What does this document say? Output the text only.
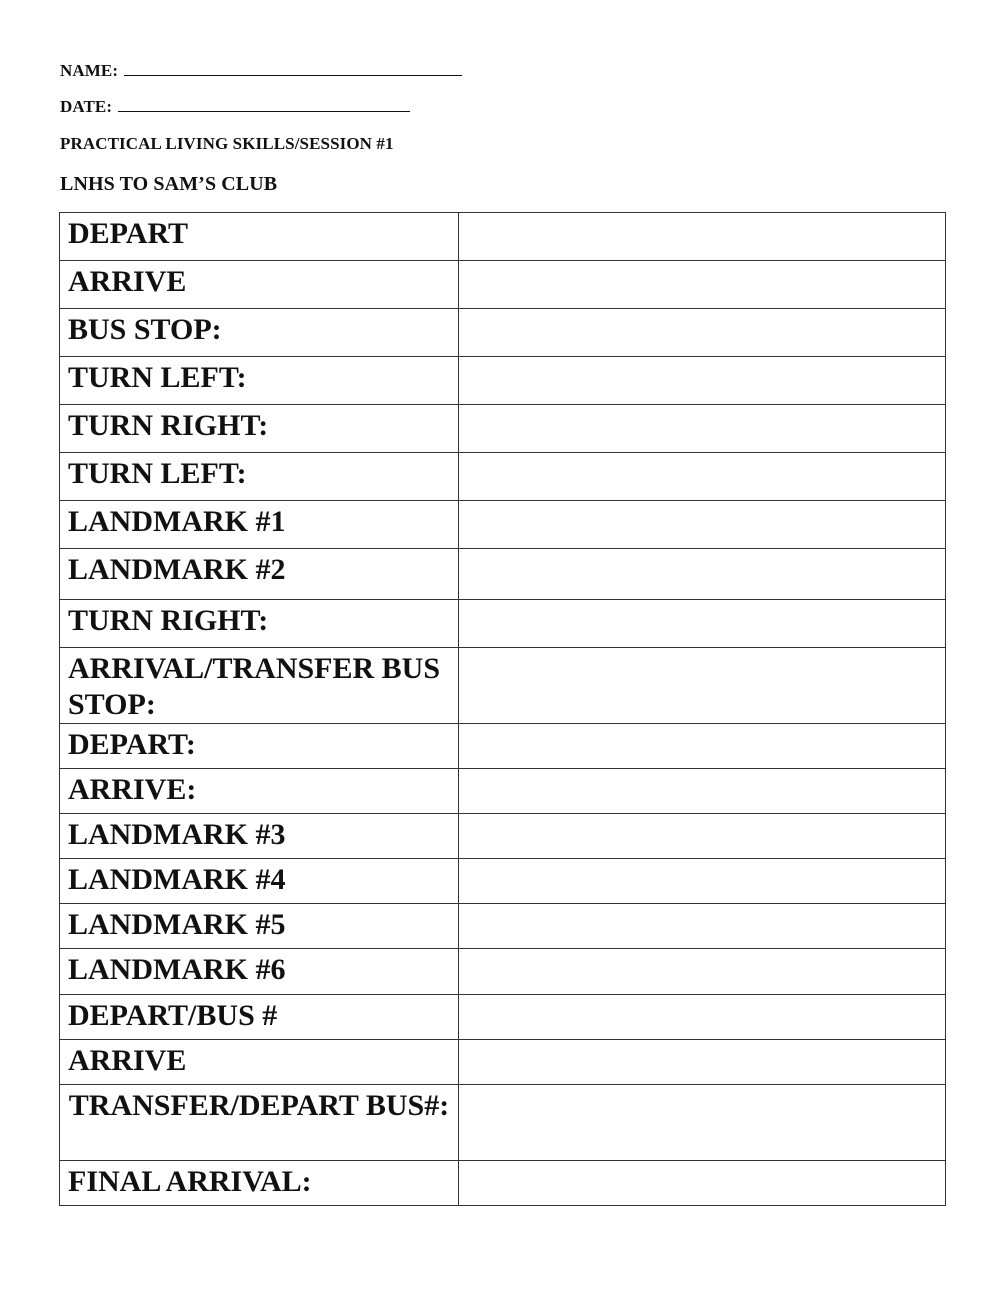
NAME:
DATE:
PRACTICAL LIVING SKILLS/SESSION #1
LNHS TO SAM’S CLUB
DEPART	
ARRIVE	
BUS STOP:	
TURN LEFT:	
TURN RIGHT:	
TURN LEFT:	
LANDMARK #1	
LANDMARK #2	
TURN RIGHT:	
ARRIVAL/TRANSFER BUS STOP:	
DEPART:	
ARRIVE:	
LANDMARK #3	
LANDMARK #4	
LANDMARK #5	
LANDMARK #6	
DEPART/BUS #	
ARRIVE	
TRANSFER/DEPART BUS#:	
FINAL ARRIVAL:	
